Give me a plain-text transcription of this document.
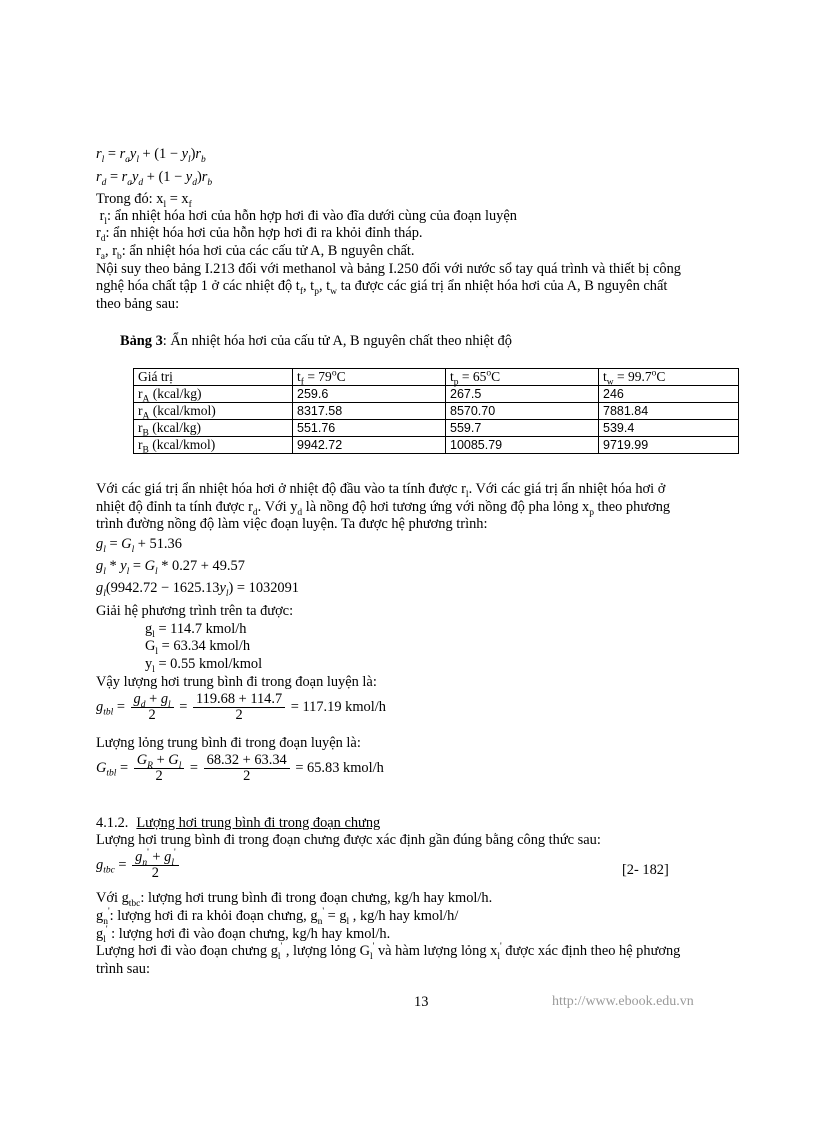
$r_l = r_ay_l + (1 - y_l)r_b$
$r_d = r_ay_d + (1 - y_d)r_b$
Trong đó: $x_l = x_f$
$r_l$: ẩn nhiệt hóa hơi của hỗn hợp hơi đi vào đĩa dưới cùng của đoạn luyện
$r_d$: ẩn nhiệt hóa hơi của hỗn hợp hơi đi ra khỏi đỉnh tháp.
$r_a$, $r_b$: ẩn nhiệt hóa hơi của các cấu tử A, B nguyên chất.
Nội suy theo bảng I.213 đối với methanol và bảng I.250 đối với nước sổ tay quá trình và thiết bị công
nghệ hóa chất tập 1 ở các nhiệt độ $t_f$, $t_p$, $t_w$ ta được các giá trị ẩn nhiệt hóa hơi của A, B nguyên chất
theo bảng sau:
Bảng 3: Ẩn nhiệt hóa hơi của cấu tử A, B nguyên chất theo nhiệt độ
Giá trị	$t_f = 79^oC$	$t_p = 65^oC$	$t_w = 99.7^oC$
$r_A$ (kcal/kg)	259.6	267.5	246
$r_A$ (kcal/kmol)	8317.58	8570.70	7881.84
$r_B$ (kcal/kg)	551.76	559.7	539.4
$r_B$ (kcal/kmol)	9942.72	10085.79	9719.99
Với các giá trị ẩn nhiệt hóa hơi ở nhiệt độ đầu vào ta tính được $r_l$. Với các giá trị ẩn nhiệt hóa hơi ở
nhiệt độ đỉnh ta tính được $r_d$. Với $y_d$ là nồng độ hơi tương ứng với nồng độ pha lỏng $x_p$ theo phương
trình đường nồng độ làm việc đoạn luyện. Ta được hệ phương trình:
$g_l = G_l + 51.36$
$g_l * y_l = G_l * 0.27 + 49.57$
$g_l(9942.72 - 1625.13y_l) = 1032091$
Giải hệ phương trình trên ta được:
$g_l = 114.7$ kmol/h
$G_l = 63.34$ kmol/h
$y_l = 0.55$ kmol/kmol
Vậy lượng hơi trung bình đi trong đoạn luyện là:
$g_{tbl} = \frac{g_d + g_l}{2} = \frac{119.68 + 114.7}{2} = 117.19$ kmol/h
Lượng lỏng trung bình đi trong đoạn luyện là:
$G_{tbl} = \frac{G_R + G_l}{2} = \frac{68.32 + 63.34}{2} = 65.83$ kmol/h
4.1.2. Lượng hơi trung bình đi trong đoạn chưng
Lượng hơi trung bình đi trong đoạn chưng được xác định gần đúng bằng công thức sau:
$g_{tbc} = \frac{g_n' + g_l'}{2}$	[2- 182]
Với $g_{tbc}$: lượng hơi trung bình đi trong đoạn chưng, kg/h hay kmol/h.
$g_n'$: lượng hơi đi ra khỏi đoạn chưng, $g_n' = g_l$ , kg/h hay kmol/h/
$g_l'$ : lượng hơi đi vào đoạn chưng, kg/h hay kmol/h.
Lượng hơi đi vào đoạn chưng $g_l'$ , lượng lỏng $G_l'$ và hàm lượng lỏng $x_l'$ được xác định theo hệ phương
trình sau:
13	http://www.ebook.edu.vn
